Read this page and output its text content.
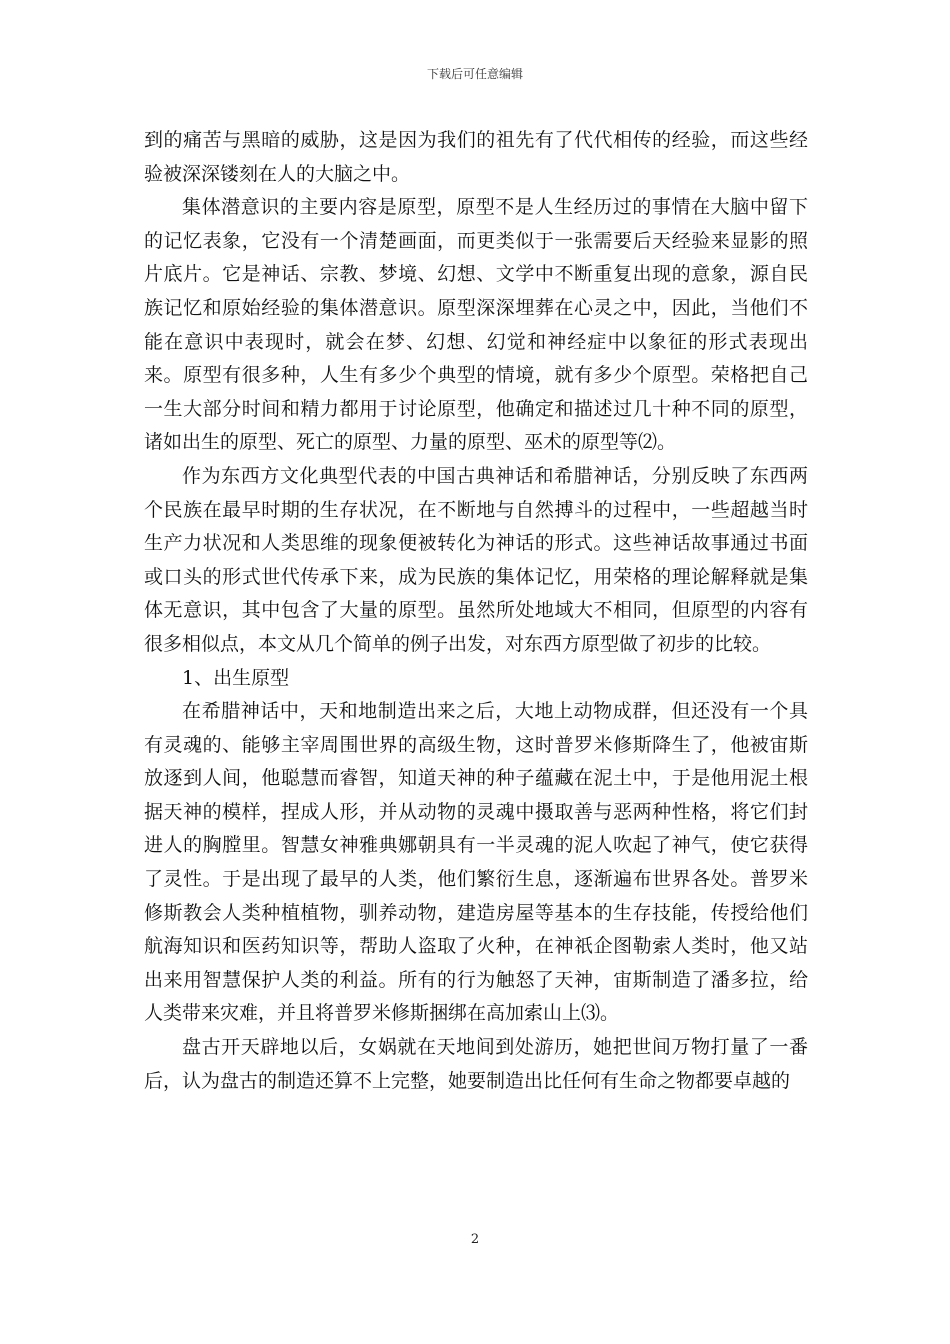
下载后可任意编辑

到的痛苦与黑暗的威胁，这是因为我们的祖先有了代代相传的经验，而这些经验被深深镂刻在人的大脑之中。

集体潜意识的主要内容是原型，原型不是人生经历过的事情在大脑中留下的记忆表象，它没有一个清楚画面，而更类似于一张需要后天经验来显影的照片底片。它是神话、宗教、梦境、幻想、文学中不断重复出现的意象，源自民族记忆和原始经验的集体潜意识。原型深深埋葬在心灵之中，因此，当他们不能在意识中表现时，就会在梦、幻想、幻觉和神经症中以象征的形式表现出来。原型有很多种，人生有多少个典型的情境，就有多少个原型。荣格把自己一生大部分时间和精力都用于讨论原型，他确定和描述过几十种不同的原型，诸如出生的原型、死亡的原型、力量的原型、巫术的原型等⑵。

作为东西方文化典型代表的中国古典神话和希腊神话，分别反映了东西两个民族在最早时期的生存状况，在不断地与自然搏斗的过程中，一些超越当时生产力状况和人类思维的现象便被转化为神话的形式。这些神话故事通过书面或口头的形式世代传承下来，成为民族的集体记忆，用荣格的理论解释就是集体无意识，其中包含了大量的原型。虽然所处地域大不相同，但原型的内容有很多相似点，本文从几个简单的例子出发，对东西方原型做了初步的比较。

1、出生原型

在希腊神话中，天和地制造出来之后，大地上动物成群，但还没有一个具有灵魂的、能够主宰周围世界的高级生物，这时普罗米修斯降生了，他被宙斯放逐到人间，他聪慧而睿智，知道天神的种子蕴藏在泥土中，于是他用泥土根据天神的模样，捏成人形，并从动物的灵魂中摄取善与恶两种性格，将它们封进人的胸膛里。智慧女神雅典娜朝具有一半灵魂的泥人吹起了神气，使它获得了灵性。于是出现了最早的人类，他们繁衍生息，逐渐遍布世界各处。普罗米修斯教会人类种植植物，驯养动物，建造房屋等基本的生存技能，传授给他们航海知识和医药知识等，帮助人盗取了火种，在神祇企图勒索人类时，他又站出来用智慧保护人类的利益。所有的行为触怒了天神，宙斯制造了潘多拉，给人类带来灾难，并且将普罗米修斯捆绑在高加索山上⑶。

盘古开天辟地以后，女娲就在天地间到处游历，她把世间万物打量了一番后，认为盘古的制造还算不上完整，她要制造出比任何有生命之物都要卓越的

2
